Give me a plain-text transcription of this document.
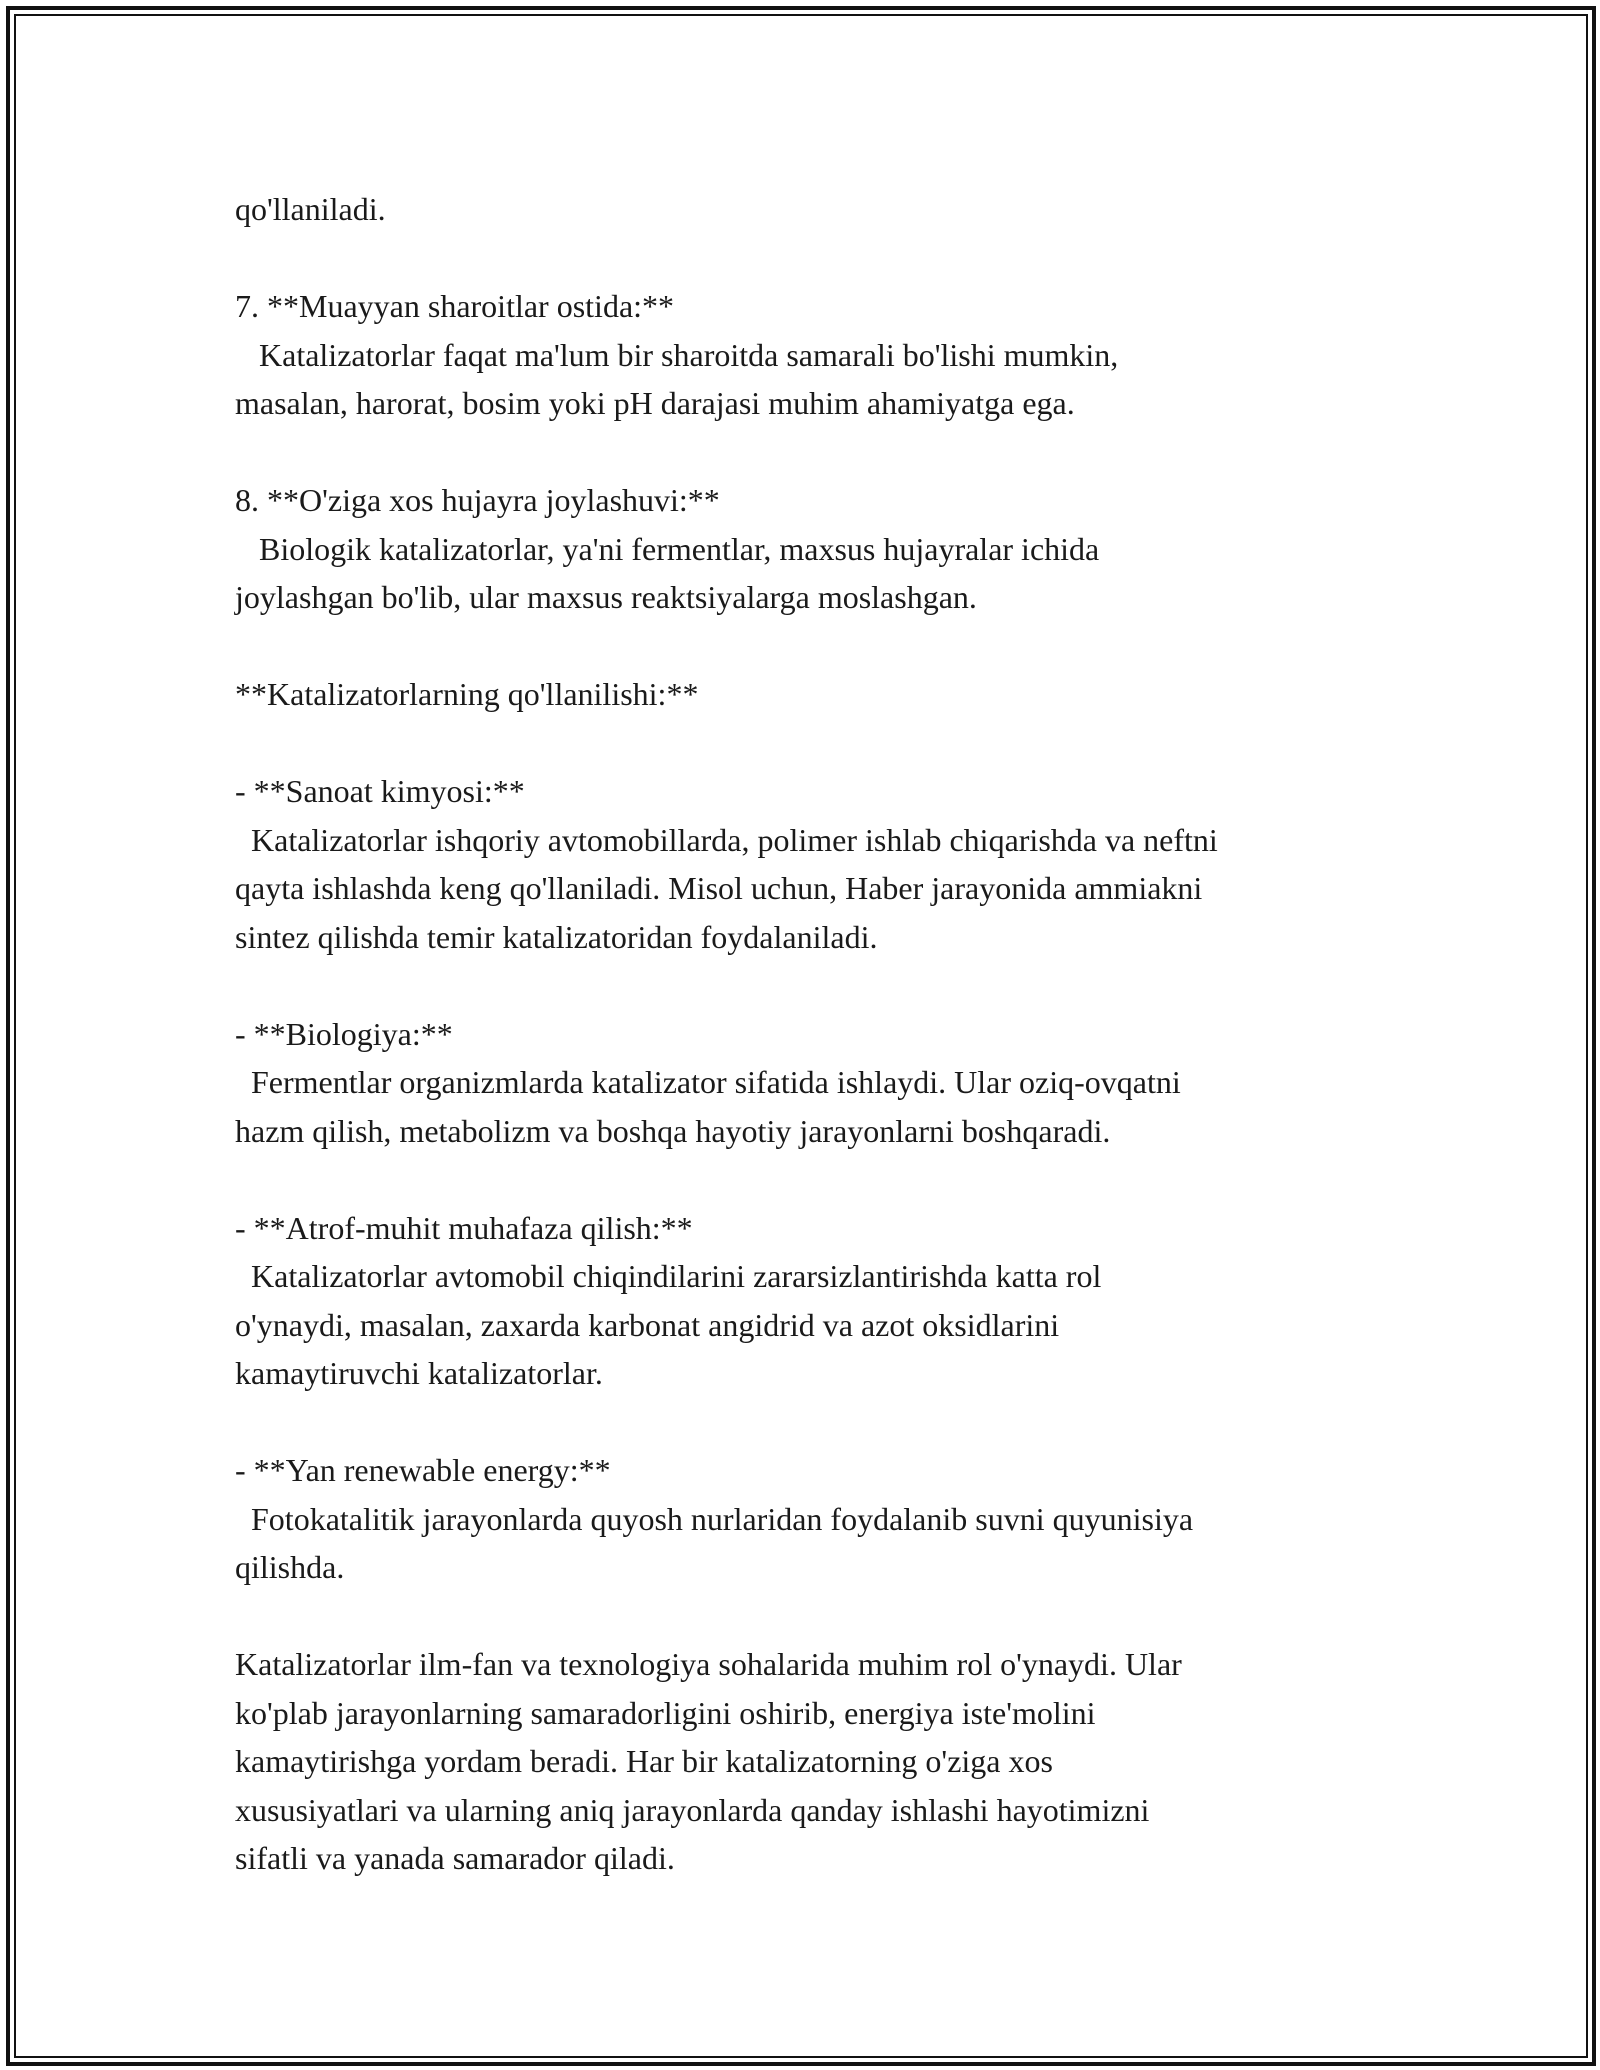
qo'llaniladi.
7. **Muayyan sharoitlar ostida:**
Katalizatorlar faqat ma'lum bir sharoitda samarali bo'lishi mumkin,
masalan, harorat, bosim yoki pH darajasi muhim ahamiyatga ega.
8. **O'ziga xos hujayra joylashuvi:**
Biologik katalizatorlar, ya'ni fermentlar, maxsus hujayralar ichida
joylashgan bo'lib, ular maxsus reaktsiyalarga moslashgan.
**Katalizatorlarning qo'llanilishi:**
- **Sanoat kimyosi:**
Katalizatorlar ishqoriy avtomobillarda, polimer ishlab chiqarishda va neftni
qayta ishlashda keng qo'llaniladi. Misol uchun, Haber jarayonida ammiakni
sintez qilishda temir katalizatoridan foydalaniladi.
- **Biologiya:**
Fermentlar organizmlarda katalizator sifatida ishlaydi. Ular oziq-ovqatni
hazm qilish, metabolizm va boshqa hayotiy jarayonlarni boshqaradi.
- **Atrof-muhit muhafaza qilish:**
Katalizatorlar avtomobil chiqindilarini zararsizlantirishda katta rol
o'ynaydi, masalan, zaxarda karbonat angidrid va azot oksidlarini
kamaytiruvchi katalizatorlar.
- **Yan renewable energy:**
Fotokatalitik jarayonlarda quyosh nurlaridan foydalanib suvni quyunisiya
qilishda.
Katalizatorlar ilm-fan va texnologiya sohalarida muhim rol o'ynaydi. Ular
ko'plab jarayonlarning samaradorligini oshirib, energiya iste'molini
kamaytirishga yordam beradi. Har bir katalizatorning o'ziga xos
xususiyatlari va ularning aniq jarayonlarda qanday ishlashi hayotimizni
sifatli va yanada samarador qiladi.
